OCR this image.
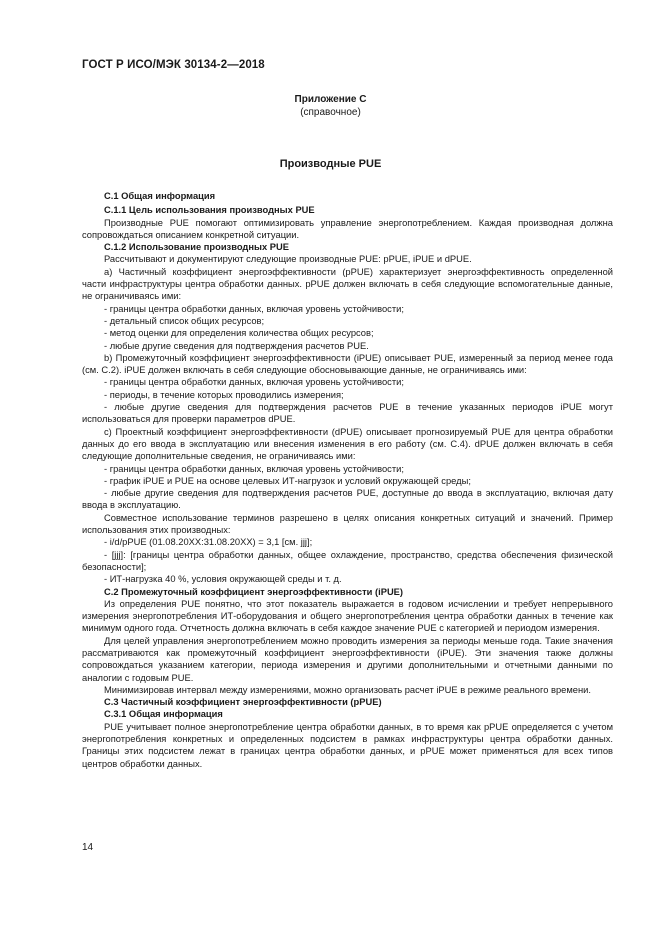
ГОСТ Р ИСО/МЭК 30134-2—2018
Приложение С
(справочное)
Производные PUE

С.1 Общая информация

С.1.1 Цель использования производных PUE

Производные PUE помогают оптимизировать управление энергопотреблением. Каждая производная должна сопровождаться описанием конкретной ситуации.

С.1.2 Использование производных PUE

Рассчитывают и документируют следующие производные PUE: pPUE, iPUE и dPUE.

a) Частичный коэффициент энергоэффективности (pPUE) характеризует энергоэффективность определенной части инфраструктуры центра обработки данных. pPUE должен включать в себя следующие вспомогательные данные, не ограничиваясь ими:

- границы центра обработки данных, включая уровень устойчивости;

- детальный список общих ресурсов;

- метод оценки для определения количества общих ресурсов;

- любые другие сведения для подтверждения расчетов PUE.

b) Промежуточный коэффициент энергоэффективности (iPUE) описывает PUE, измеренный за период менее года (см. С.2). iPUE должен включать в себя следующие обосновывающие данные, не ограничиваясь ими:

- границы центра обработки данных, включая уровень устойчивости;

- периоды, в течение которых проводились измерения;

- любые другие сведения для подтверждения расчетов PUE в течение указанных периодов iPUE могут использоваться для проверки параметров dPUE.

c) Проектный коэффициент энергоэффективности (dPUE) описывает прогнозируемый PUE для центра обработки данных до его ввода в эксплуатацию или внесения изменения в его работу (см. С.4). dPUE должен включать в себя следующие дополнительные сведения, не ограничиваясь ими:

- границы центра обработки данных, включая уровень устойчивости;

- график iPUE и PUE на основе целевых ИТ-нагрузок и условий окружающей среды;

- любые другие сведения для подтверждения расчетов PUE, доступные до ввода в эксплуатацию, включая дату ввода в эксплуатацию.

Совместное использование терминов разрешено в целях описания конкретных ситуаций и значений. Пример использования этих производных:

- i/d/pPUE (01.08.20XX:31.08.20XX) = 3,1 [см. jjj];

- [jjj]: [границы центра обработки данных, общее охлаждение, пространство, средства обеспечения физической безопасности];

- ИТ-нагрузка 40 %, условия окружающей среды и т. д.

С.2 Промежуточный коэффициент энергоэффективности (iPUE)

Из определения PUE понятно, что этот показатель выражается в годовом исчислении и требует непрерывного измерения энергопотребления ИТ-оборудования и общего энергопотребления центра обработки данных в течение как минимум одного года. Отчетность должна включать в себя каждое значение PUE с категорией и периодом измерения.

Для целей управления энергопотреблением можно проводить измерения за периоды меньше года. Такие значения рассматриваются как промежуточный коэффициент энергоэффективности (iPUE). Эти значения также должны сопровождаться указанием категории, периода измерения и другими дополнительными и отчетными данными по аналогии с годовым PUE.

Минимизировав интервал между измерениями, можно организовать расчет iPUE в режиме реального времени.

С.3 Частичный коэффициент энергоэффективности (pPUE)

С.3.1 Общая информация

PUE учитывает полное энергопотребление центра обработки данных, в то время как pPUE определяется с учетом энергопотребления конкретных и определенных подсистем в рамках инфраструктуры центра обработки данных. Границы этих подсистем лежат в границах центра обработки данных, и pPUE может применяться для всех типов центров обработки данных.

14
